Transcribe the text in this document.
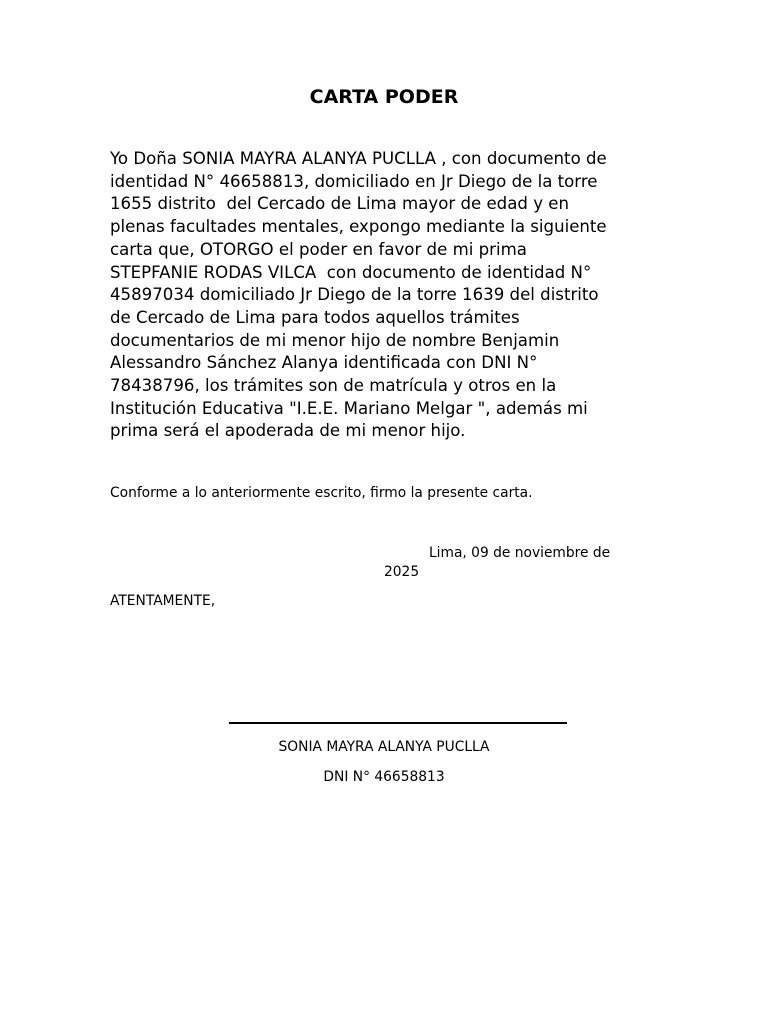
CARTA PODER
Yo Doña SONIA MAYRA ALANYA PUCLLA , con documento de
identidad N° 46658813, domiciliado en Jr Diego de la torre
1655 distrito  del Cercado de Lima mayor de edad y en
plenas facultades mentales, expongo mediante la siguiente
carta que, OTORGO el poder en favor de mi prima
STEPFANIE RODAS VILCA  con documento de identidad N°
45897034 domiciliado Jr Diego de la torre 1639 del distrito
de Cercado de Lima para todos aquellos trámites
documentarios de mi menor hijo de nombre Benjamin
Alessandro Sánchez Alanya identificada con DNI N°
78438796, los trámites son de matrícula y otros en la
Institución Educativa "I.E.E. Mariano Melgar ", además mi
prima será el apoderada de mi menor hijo.
Conforme a lo anteriormente escrito, firmo la presente carta.
Lima, 09 de noviembre de
2025
ATENTAMENTE,
SONIA MAYRA ALANYA PUCLLA
DNI N° 46658813
